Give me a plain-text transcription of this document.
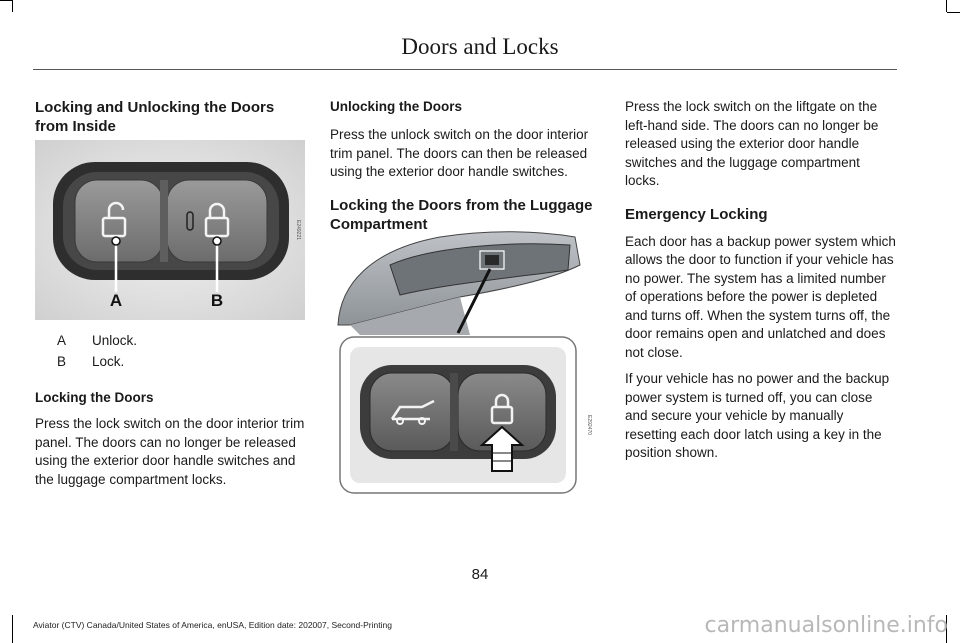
Doors and Locks

Locking and Unlocking the Doors from Inside

A	B
E249221
A Unlock.
B Lock.

Locking the Doors

Press the lock switch on the door interior trim panel. The doors can no longer be released using the exterior door handle switches and the luggage compartment locks.

Unlocking the Doors

Press the unlock switch on the door interior trim panel. The doors can then be released using the exterior door handle switches.

Locking the Doors from the Luggage Compartment

E292470

Press the lock switch on the liftgate on the left-hand side. The doors can no longer be released using the exterior door handle switches and the luggage compartment locks.

Emergency Locking

Each door has a backup power system which allows the door to function if your vehicle has no power. The system has a limited number of operations before the power is depleted and turns off. When the system turns off, the door remains open and unlatched and does not close.

If your vehicle has no power and the backup power system is turned off, you can close and secure your vehicle by manually resetting each door latch using a key in the position shown.

84
Aviator (CTV) Canada/United States of America, enUSA, Edition date: 202007, Second-Printing	carmanualsonline.info
